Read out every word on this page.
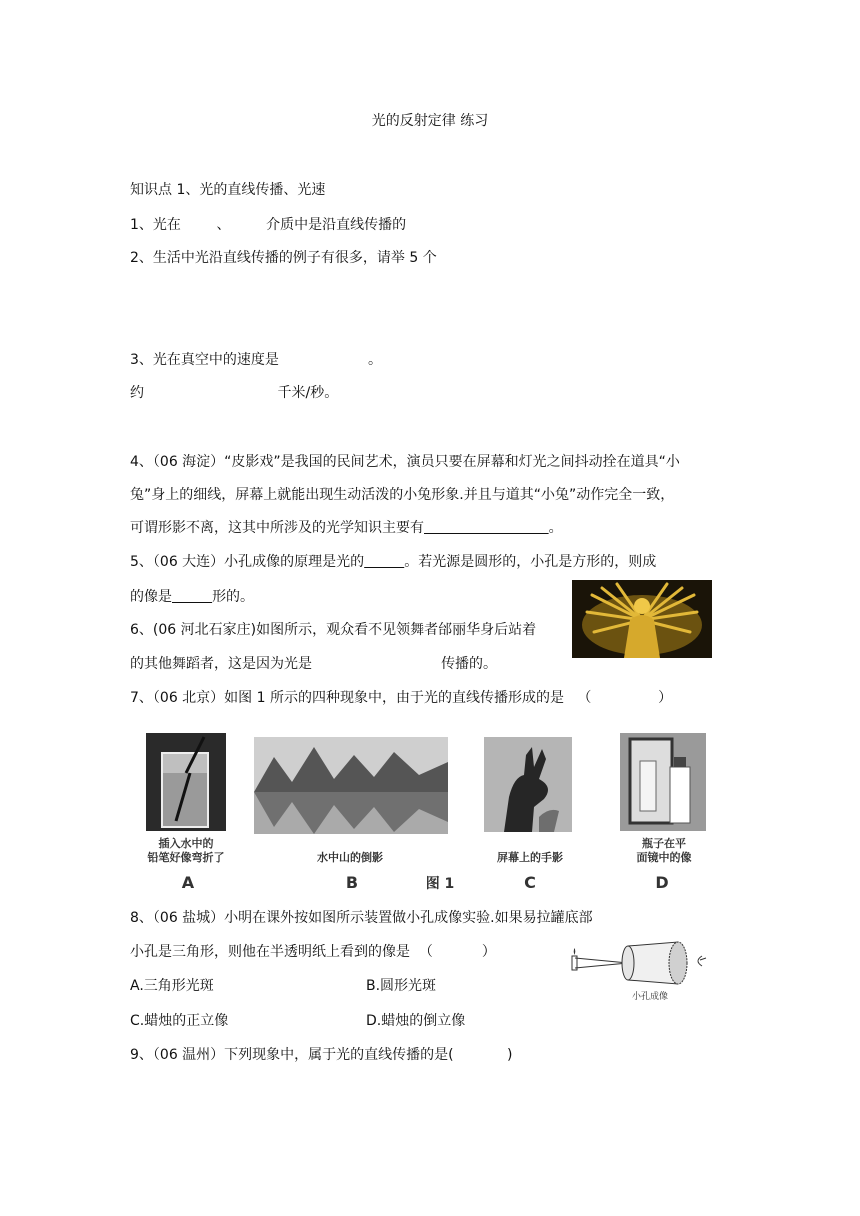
光的反射定律 练习
知识点 1、光的直线传播、光速
1、光在	、	介质中是沿直线传播的
2、生活中光沿直线传播的例子有很多，请举 5 个
3、光在真空中的速度是	。
约	千米/秒。
4、（06 海淀）“皮影戏”是我国的民间艺术，演员只要在屏幕和灯光之间抖动拴在道具“小
兔”身上的细线，屏幕上就能出现生动活泼的小兔形象.并且与道其“小兔”动作完全一致，
可谓形影不离，这其中所涉及的光学知识主要有	。
5、（06 大连）小孔成像的原理是光的	。若光源是圆形的，小孔是方形的，则成
的像是	形的。
6、(06 河北石家庄)如图所示，观众看不见领舞者邰丽华身后站着
的其他舞蹈者，这是因为光是	传播的。
7、（06 北京）如图 1 所示的四种现象中，由于光的直线传播形成的是 （               ）
插入水中的
铅笔好像弯折了	水中山的倒影	屏幕上的手影
瓶子在平
面镜中的像
A	B	图 1	C	D
8、（06 盐城）小明在课外按如图所示装置做小孔成像实验.如果易拉罐底部
小孔是三角形，则他在半透明纸上看到的像是 （           ）
A.三角形光斑	B.圆形光斑
C.蜡烛的正立像	D.蜡烛的倒立像
小孔成像
9、（06 温州）下列现象中，属于光的直线传播的是(	)
